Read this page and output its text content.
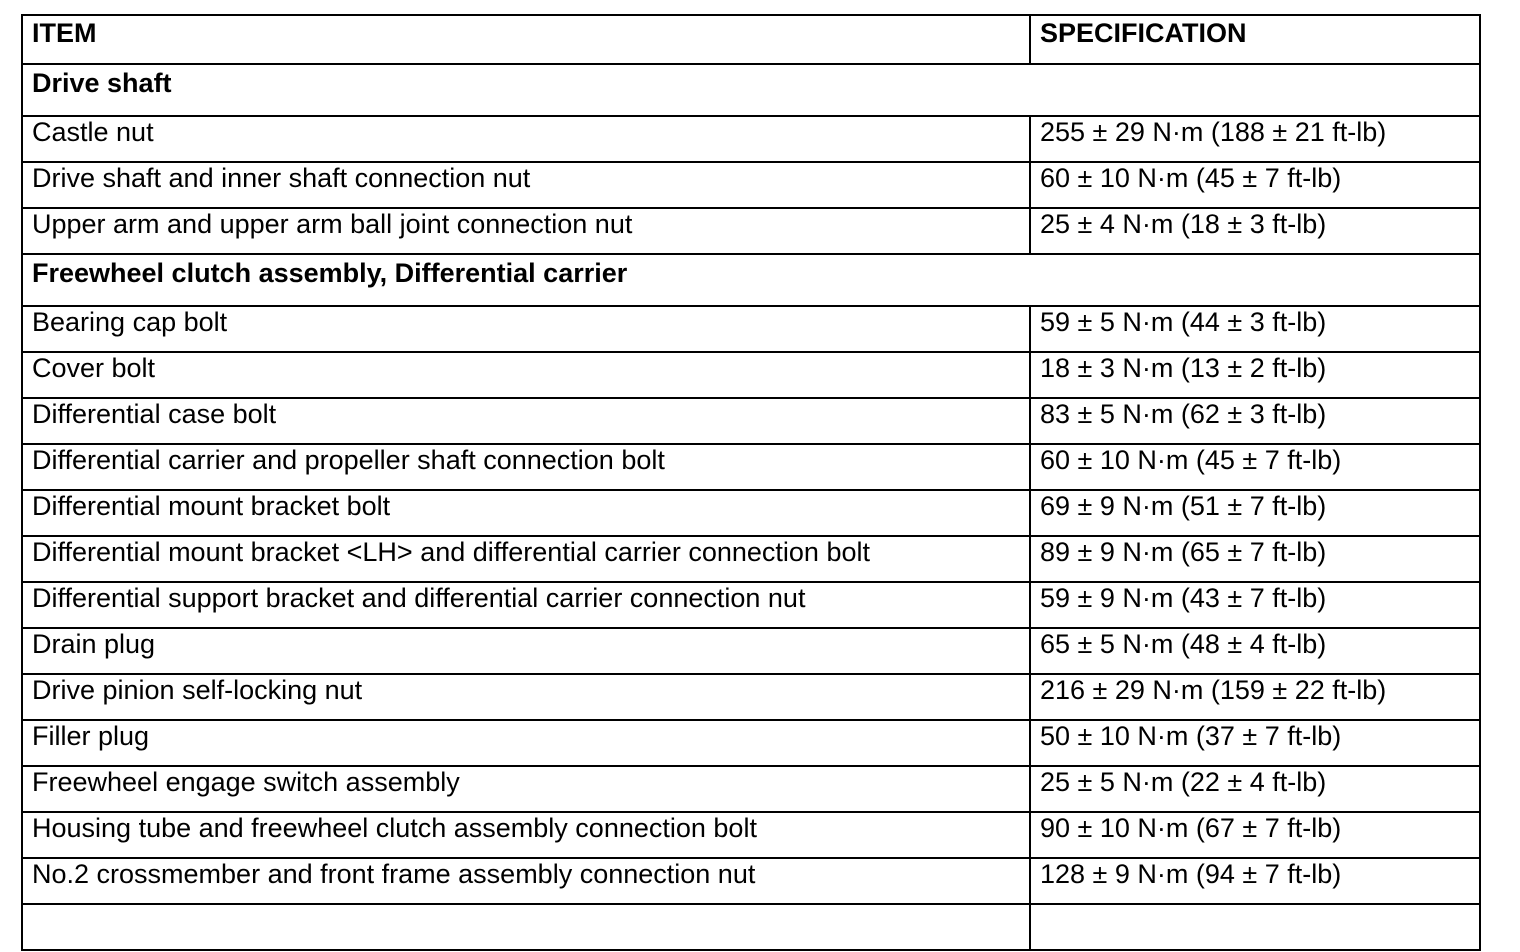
ITEM	SPECIFICATION
Drive shaft	
Castle nut	255 ± 29 N·m (188 ± 21 ft-lb)
Drive shaft and inner shaft connection nut	60 ± 10 N·m (45 ± 7 ft-lb)
Upper arm and upper arm ball joint connection nut	25 ± 4 N·m (18 ± 3 ft-lb)
Freewheel clutch assembly, Differential carrier	
Bearing cap bolt	59 ± 5 N·m (44 ± 3 ft-lb)
Cover bolt	18 ± 3 N·m (13 ± 2 ft-lb)
Differential case bolt	83 ± 5 N·m (62 ± 3 ft-lb)
Differential carrier and propeller shaft connection bolt	60 ± 10 N·m (45 ± 7 ft-lb)
Differential mount bracket bolt	69 ± 9 N·m (51 ± 7 ft-lb)
Differential mount bracket <LH> and differential carrier connection bolt	89 ± 9 N·m (65 ± 7 ft-lb)
Differential support bracket and differential carrier connection nut	59 ± 9 N·m (43 ± 7 ft-lb)
Drain plug	65 ± 5 N·m (48 ± 4 ft-lb)
Drive pinion self-locking nut	216 ± 29 N·m (159 ± 22 ft-lb)
Filler plug	50 ± 10 N·m (37 ± 7 ft-lb)
Freewheel engage switch assembly	25 ± 5 N·m (22 ± 4 ft-lb)
Housing tube and freewheel clutch assembly connection bolt	90 ± 10 N·m (67 ± 7 ft-lb)
No.2 crossmember and front frame assembly connection nut	128 ± 9 N·m (94 ± 7 ft-lb)
